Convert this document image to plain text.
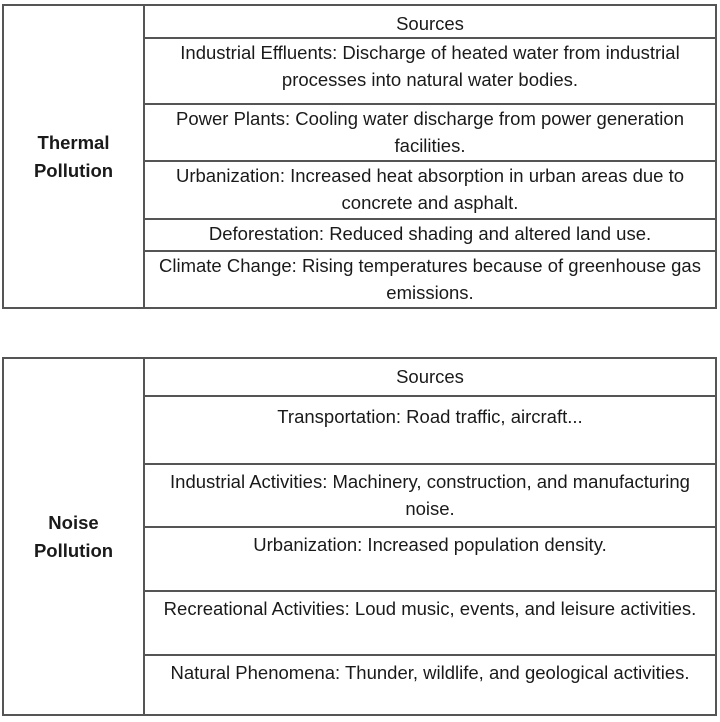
Thermal Pollution	Sources
Industrial Effluents: Discharge of heated water from industrial processes into natural water bodies.
Power Plants: Cooling water discharge from power generation facilities.
Urbanization: Increased heat absorption in urban areas due to concrete and asphalt.
Deforestation: Reduced shading and altered land use.
Climate Change: Rising temperatures because of greenhouse gas emissions.
Noise Pollution	Sources
Transportation: Road traffic, aircraft...
Industrial Activities: Machinery, construction, and manufacturing noise.
Urbanization: Increased population density.
Recreational Activities: Loud music, events, and leisure activities.
Natural Phenomena: Thunder, wildlife, and geological activities.
